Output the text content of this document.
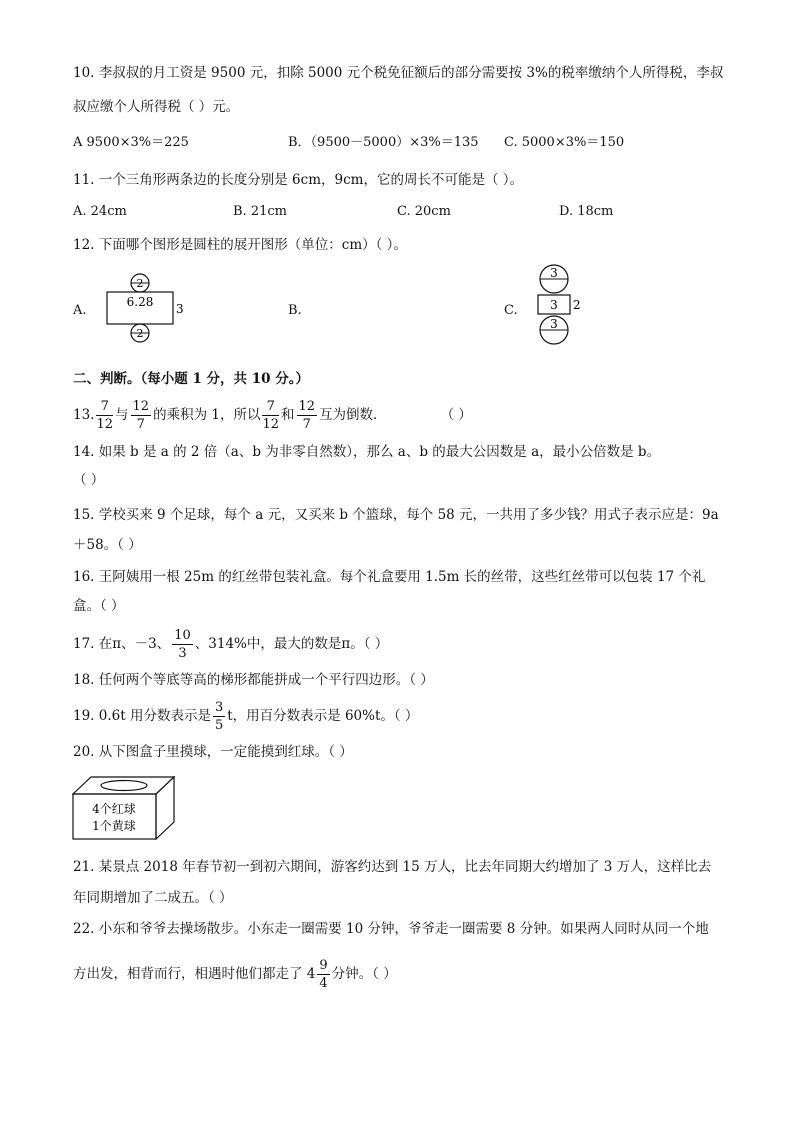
10. 李叔叔的月工资是 9500 元，扣除 5000 元个税免征额后的部分需要按 3%的税率缴纳个人所得税，李叔
叔应缴个人所得税（ ）元。
A 9500×3%＝225	B．（9500－5000）×3%＝135 C. 5000×3%＝150
11. 一个三角形两条边的长度分别是 6cm，9cm，它的周长不可能是（ ）。
A. 24cm	B. 21cm	C. 20cm	D. 18cm
12. 下面哪个图形是圆柱的展开图形（单位：cm）（ ）。
A.	B.	C.
2
6.28 3
2
3
3 2
3
二、判断。（每小题 1 分，共 10 分。）
13. $\frac{7}{12}$ 与 $\frac{12}{7}$ 的乘积为 1，所以 $\frac{7}{12}$ 和 $\frac{12}{7}$ 互为倒数．	（ ）
14. 如果 b 是 a 的 2 倍（a、b 为非零自然数），那么 a、b 的最大公因数是 a，最小公倍数是 b。
（ ）
15. 学校买来 9 个足球，每个 a 元，又买来 b 个篮球，每个 58 元，一共用了多少钱？用式子表示应是：9a
＋58。（ ）
16. 王阿姨用一根 25m 的红丝带包装礼盒。每个礼盒要用 1.5m 长的丝带，这些红丝带可以包装 17 个礼
盒。（ ）
17. 在π、－3、 $\frac{10}{3}$ 、314%中，最大的数是π。（ ）
18. 任何两个等底等高的梯形都能拼成一个平行四边形。（ ）
19. 0.6t 用分数表示是 $\frac{3}{5}$ t，用百分数表示是 60%t。（ ）
20. 从下图盒子里摸球，一定能摸到红球。（ ）
4个红球
1个黄球
21. 某景点 2018 年春节初一到初六期间，游客约达到 15 万人，比去年同期大约增加了 3 万人，这样比去
年同期增加了二成五。（ ）
22. 小东和爷爷去操场散步。小东走一圈需要 10 分钟，爷爷走一圈需要 8 分钟。如果两人同时从同一个地
方出发，相背而行，相遇时他们都走了 $4 \frac{9}{4}$ 分钟。（ ）
